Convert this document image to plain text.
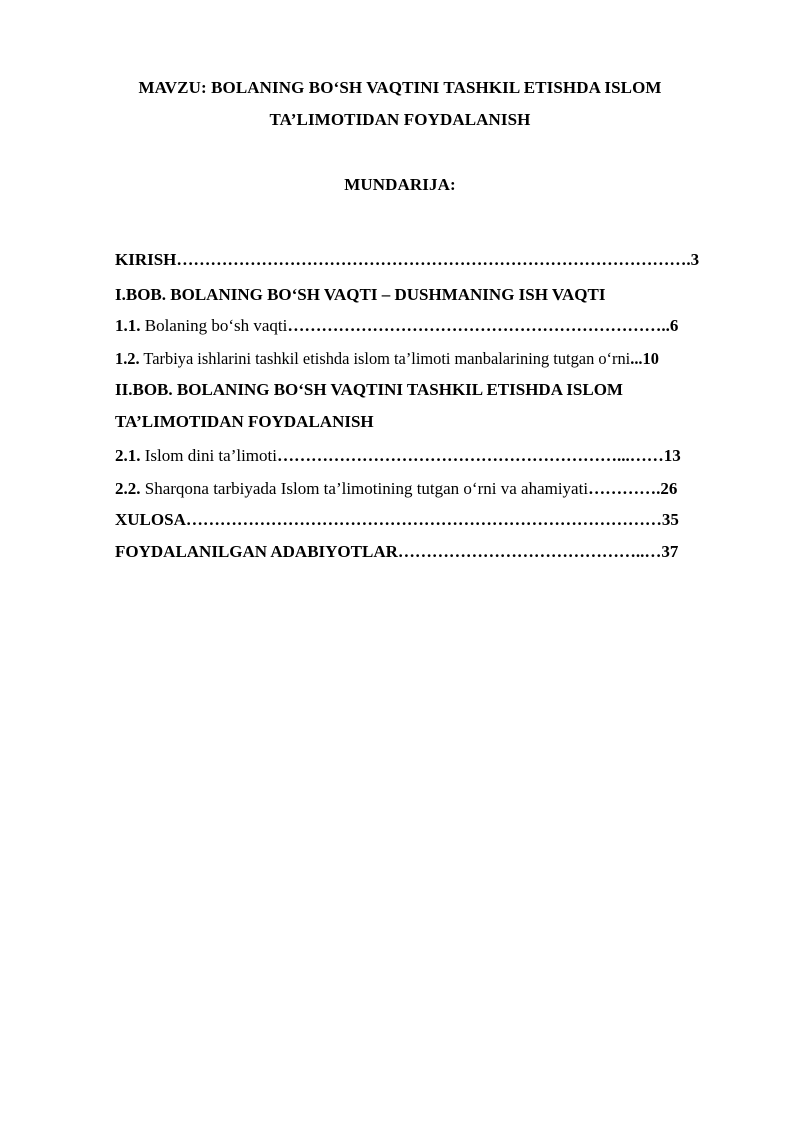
MAVZU: BOLANING BO‘SH VAQTINI TASHKIL ETISHDA ISLOM
TA’LIMOTIDAN FOYDALANISH
MUNDARIJA:
KIRISH……………………………………………………………………………….3
I.BOB. BOLANING BO‘SH VAQTI – DUSHMANING ISH VAQTI
1.1. Bolaning bo‘sh vaqti…………………………………………………………..6
1.2. Tarbiya ishlarini tashkil etishda islom ta’limoti manbalarining tutgan o‘rni...10
II.BOB. BOLANING BO‘SH VAQTINI TASHKIL ETISHDA ISLOM
TA’LIMOTIDAN FOYDALANISH
2.1. Islom dini ta’limoti……………………………………………………...……13
2.2. Sharqona tarbiyada Islom ta’limotining tutgan o‘rni va ahamiyati………….26
XULOSA…………………………………………………………………………35
FOYDALANILGAN ADABIYOTLAR……………………………………..…37
